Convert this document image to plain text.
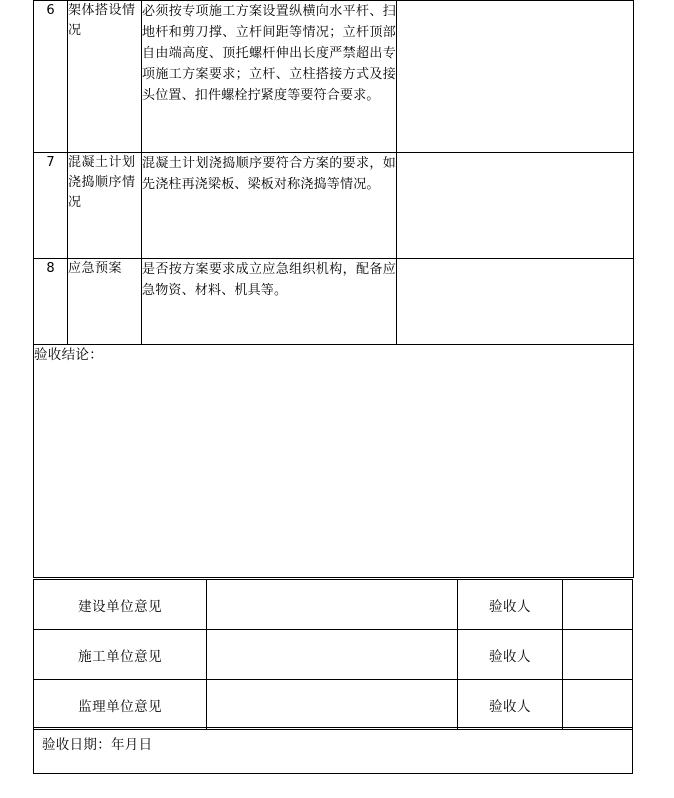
6	架体搭设情况	必须按专项施工方案设置纵横向水平杆、扫地杆和剪刀撑、立杆间距等情况；立杆顶部自由端高度、顶托螺杆伸出长度严禁超出专项施工方案要求；立杆、立柱搭接方式及接头位置、扣件螺栓拧紧度等要符合要求。	
7	混凝土计划浇捣顺序情况	混凝土计划浇捣顺序要符合方案的要求，如先浇柱再浇梁板、梁板对称浇捣等情况。	
8	应急预案	是否按方案要求成立应急组织机构，配备应急物资、材料、机具等。	
验收结论：			
建设单位意见		验收人	
施工单位意见		验收人	
监理单位意见		验收人	
验收日期：年月日
